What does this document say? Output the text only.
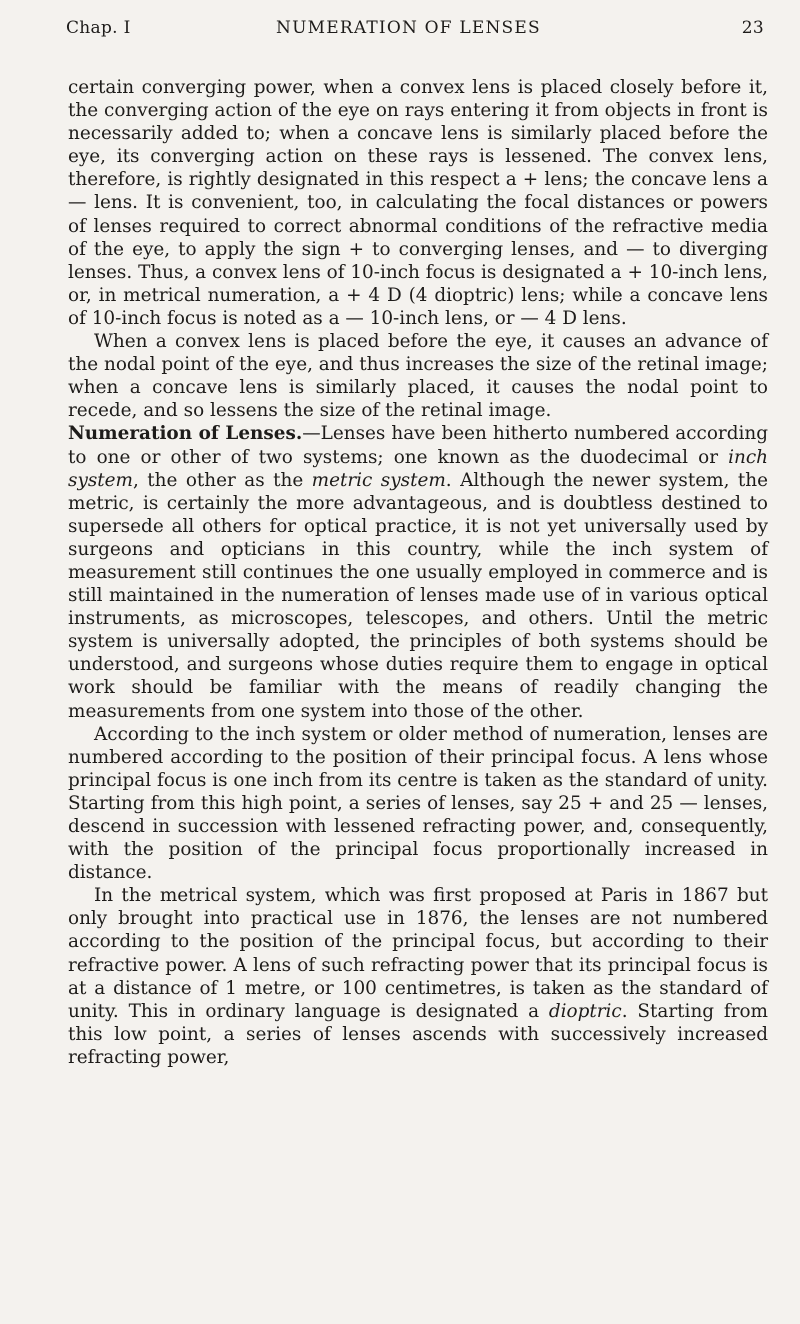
Chap. I	NUMERATION OF LENSES	23

certain converging power, when a convex lens is placed closely before it, the converging action of the eye on rays entering it from objects in front is necessarily added to; when a concave lens is similarly placed before the eye, its converging action on these rays is lessened. The convex lens, therefore, is rightly designated in this respect a + lens; the concave lens a — lens. It is convenient, too, in calculating the focal distances or powers of lenses required to correct abnormal conditions of the refractive media of the eye, to apply the sign + to converging lenses, and — to diverging lenses. Thus, a convex lens of 10-inch focus is designated a + 10-inch lens, or, in metrical numeration, a + 4 D (4 dioptric) lens; while a concave lens of 10-inch focus is noted as a — 10-inch lens, or — 4 D lens.

When a convex lens is placed before the eye, it causes an advance of the nodal point of the eye, and thus increases the size of the retinal image; when a concave lens is similarly placed, it causes the nodal point to recede, and so lessens the size of the retinal image.

Numeration of Lenses.—Lenses have been hitherto numbered according to one or other of two systems; one known as the duodecimal or inch system, the other as the metric system. Although the newer system, the metric, is certainly the more advantageous, and is doubtless destined to supersede all others for optical practice, it is not yet universally used by surgeons and opticians in this country, while the inch system of measurement still continues the one usually employed in commerce and is still maintained in the numeration of lenses made use of in various optical instruments, as microscopes, telescopes, and others. Until the metric system is universally adopted, the principles of both systems should be understood, and surgeons whose duties require them to engage in optical work should be familiar with the means of readily changing the measurements from one system into those of the other.

According to the inch system or older method of numeration, lenses are numbered according to the position of their principal focus. A lens whose principal focus is one inch from its centre is taken as the standard of unity. Starting from this high point, a series of lenses, say 25 + and 25 — lenses, descend in succession with lessened refracting power, and, consequently, with the position of the principal focus proportionally increased in distance.

In the metrical system, which was first proposed at Paris in 1867 but only brought into practical use in 1876, the lenses are not numbered according to the position of the principal focus, but according to their refractive power. A lens of such refracting power that its principal focus is at a distance of 1 metre, or 100 centimetres, is taken as the standard of unity. This in ordinary language is designated a dioptric. Starting from this low point, a series of lenses ascends with successively increased refracting power,
